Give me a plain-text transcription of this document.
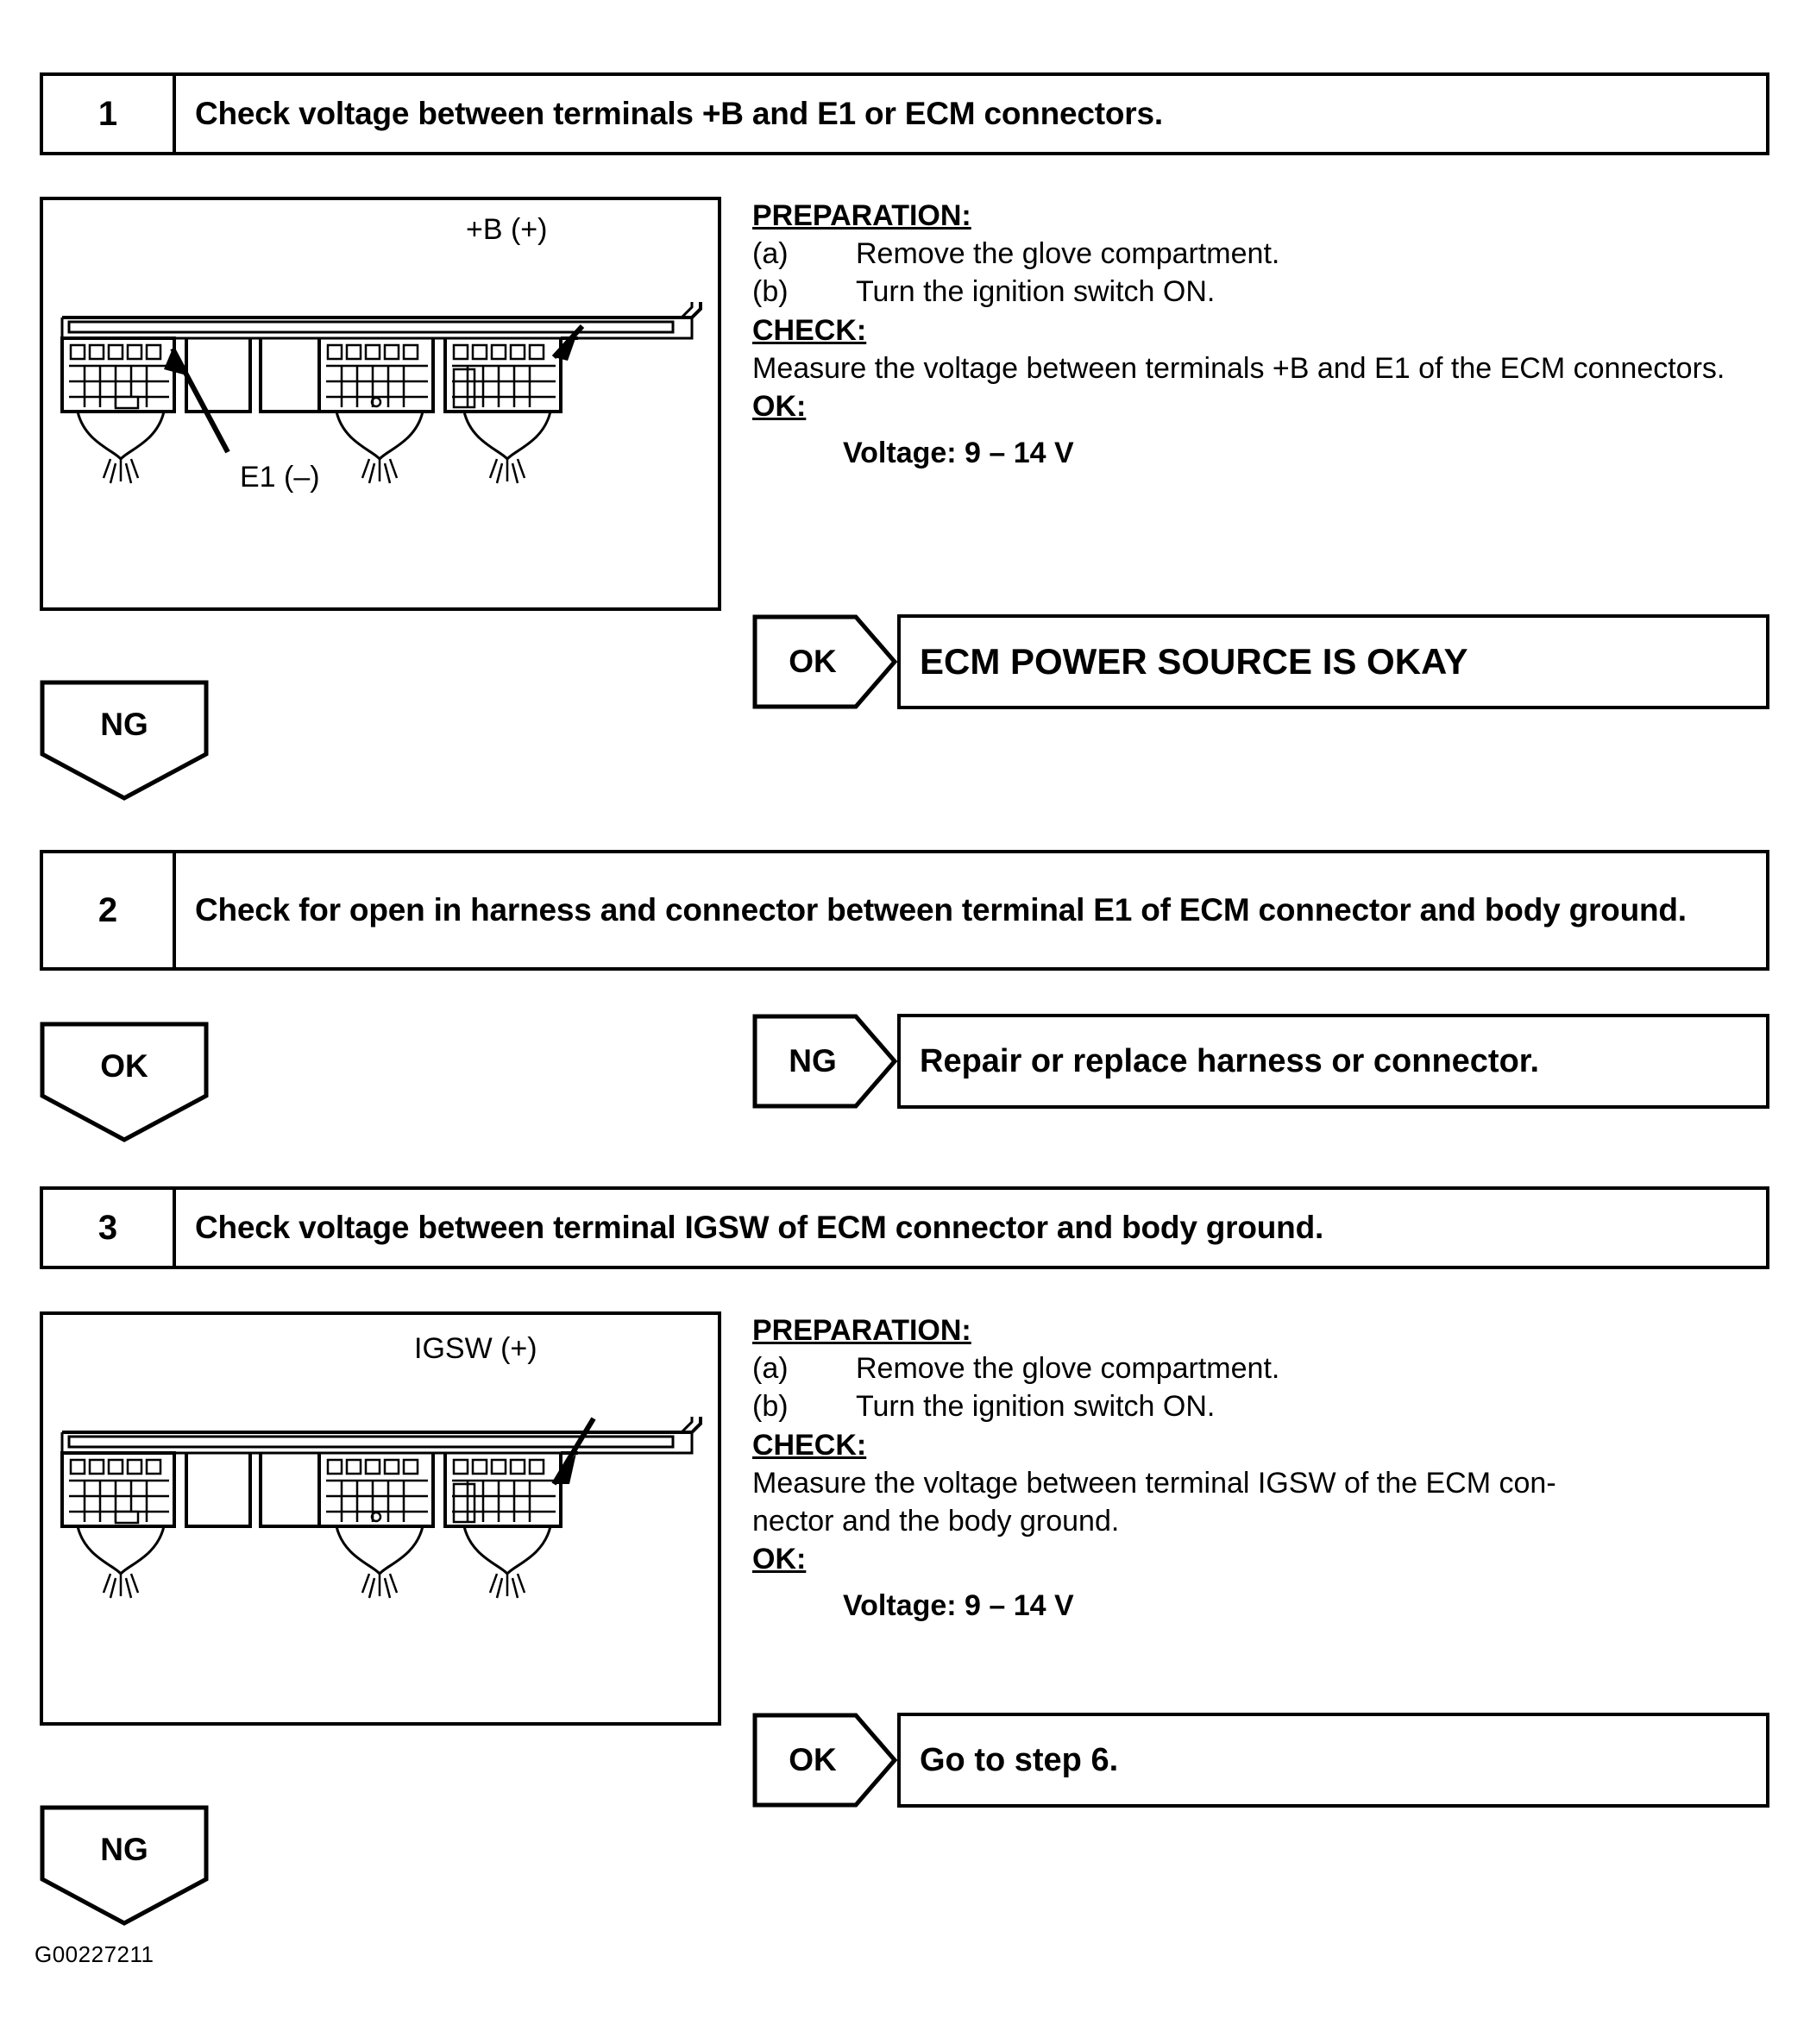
1	Check voltage between terminals +B and E1 or ECM connectors.
+B (+)
E1 (–)
PREPARATION:
(a)	Remove the glove compartment.
(b)	Turn the ignition switch ON.
CHECK:
Measure the voltage between terminals +B and E1 of the ECM connectors.
OK:
Voltage: 9 – 14 V
OK	ECM POWER SOURCE IS OKAY
NG
2	Check for open in harness and connector between terminal E1 of ECM connector and body ground.
NG	Repair or replace harness or connector.
OK
3	Check voltage between terminal IGSW of ECM connector and body ground.
IGSW (+)
PREPARATION:
(a)	Remove the glove compartment.
(b)	Turn the ignition switch ON.
CHECK:
Measure the voltage between terminal IGSW of the ECM con-
nector and the body ground.
OK:
Voltage: 9 – 14 V
OK	Go to step 6.
NG
G00227211
